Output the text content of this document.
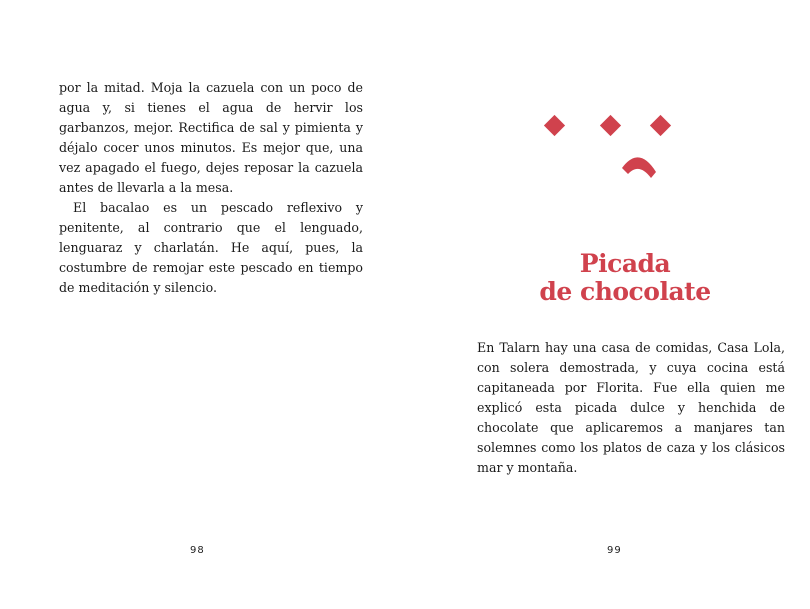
por la mitad. Moja la cazuela con un poco de agua y, si tienes el agua de hervir los garbanzos, mejor. Rectifica de sal y pimienta y déjalo cocer unos minutos. Es mejor que, una vez apagado el fuego, dejes reposar la cazuela antes de llevarla a la mesa.

El bacalao es un pescado reflexivo y penitente, al contrario que el lenguado, lenguaraz y charlatán. He aquí, pues, la costumbre de remojar este pescado en tiempo de meditación y silencio.

98
Picada
de chocolate

En Talarn hay una casa de comidas, Casa Lola, con solera demostrada, y cuya cocina está capitaneada por Florita. Fue ella quien me explicó esta picada dulce y henchida de chocolate que aplicaremos a manjares tan solemnes como los platos de caza y los clásicos mar y montaña.

99
